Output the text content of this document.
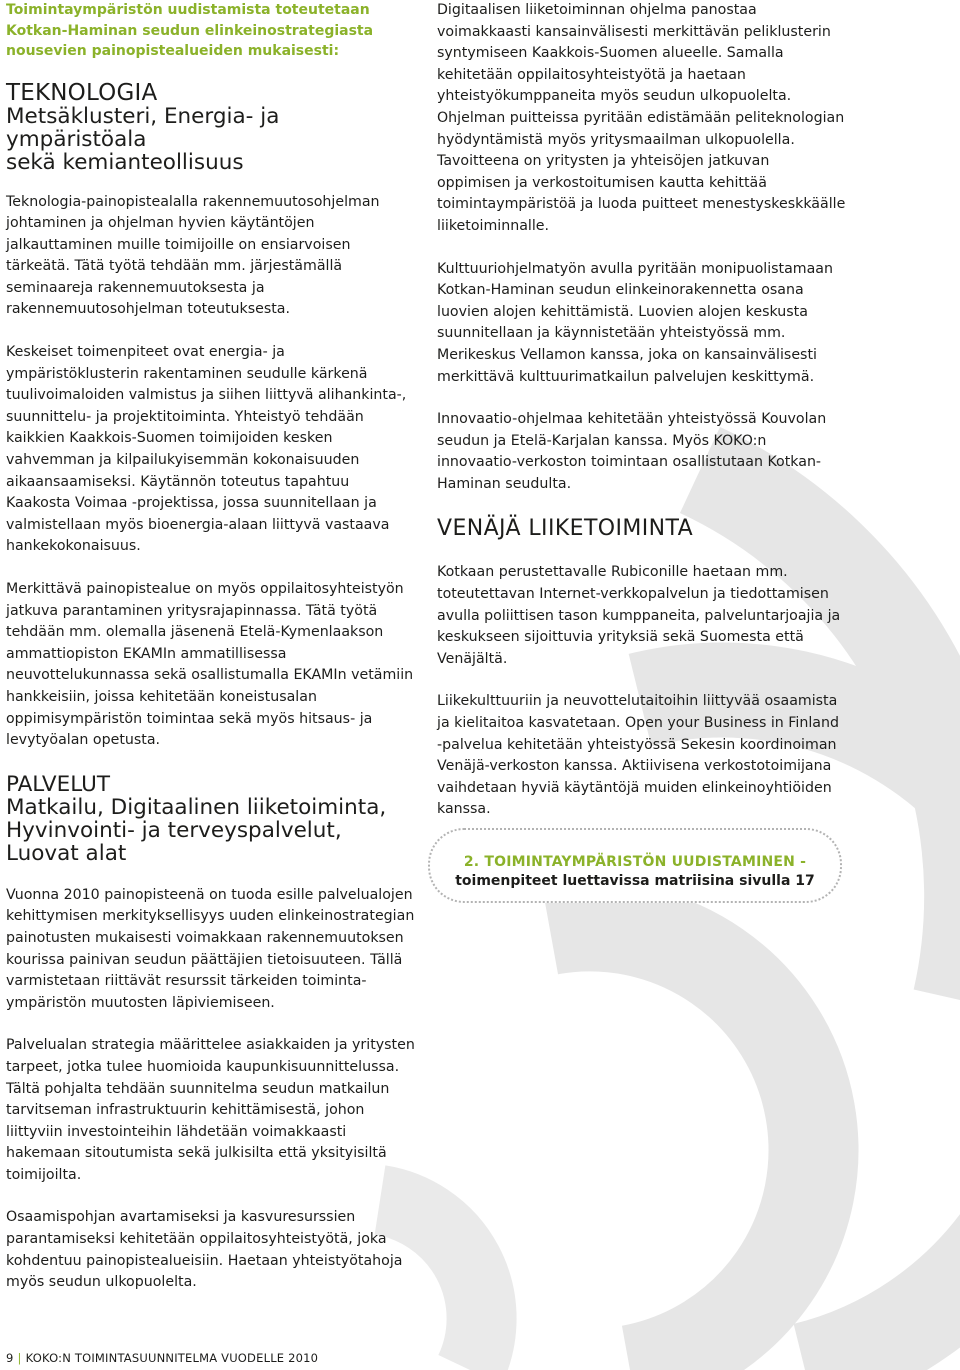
Toimintaympäristön uudistamista toteutetaan Kotkan-Haminan seudun elinkeinostrategiasta nousevien painopistealueiden mukaisesti:

TEKNOLOGIA
Metsäklusteri, Energia- ja ympäristöala
sekä kemianteollisuus

Teknologia-painopistealalla rakennemuutosohjelman johtaminen ja ohjelman hyvien käytäntöjen jalkauttaminen muille toimijoille on ensiarvoisen tärkeätä. Tätä työtä tehdään mm. järjestämällä seminaareja rakennemuutoksesta ja rakennemuutosohjelman toteutuksesta.

Keskeiset toimenpiteet ovat energia- ja ympäristöklusterin rakentaminen seudulle kärkenä tuulivoimaloiden valmistus ja siihen liittyvä alihankinta-, suunnittelu- ja projektitoiminta. Yhteistyö tehdään kaikkien Kaakkois-Suomen toimijoiden kesken vahvemman ja kilpailukyisemmän kokonaisuuden aikaansaamiseksi. Käytännön toteutus tapahtuu Kaakosta Voimaa -projektissa, jossa suunnitellaan ja valmistellaan myös bioenergia-alaan liittyvä vastaava hankekokonaisuus.

Merkittävä painopistealue on myös oppilaitosyhteistyön jatkuva parantaminen yritysrajapinnassa. Tätä työtä tehdään mm. olemalla jäsenenä Etelä-Kymenlaakson ammattiopiston EKAMIn ammatillisessa neuvottelukunnassa sekä osallistumalla EKAMIn vetämiin hankkeisiin, joissa kehitetään koneistusalan oppimisympäristön toimintaa sekä myös hitsaus- ja levytyöalan opetusta.

PALVELUT
Matkailu, Digitaalinen liiketoiminta,
Hyvinvointi- ja terveyspalvelut,
Luovat alat

Vuonna 2010 painopisteenä on tuoda esille palvelualojen kehittymisen merkityksellisyys uuden elinkeinostrategian painotusten mukaisesti voimakkaan rakennemuutoksen kourissa painivan seudun päättäjien tietoisuuteen. Tällä varmistetaan riittävät resurssit tärkeiden toiminta-ympäristön muutosten läpiviemiseen.

Palvelualan strategia määrittelee asiakkaiden ja yritysten tarpeet, jotka tulee huomioida kaupunkisuunnittelussa. Tältä pohjalta tehdään suunnitelma seudun matkailun tarvitseman infrastruktuurin kehittämisestä, johon liittyviin investointeihin lähdetään voimakkaasti hakemaan sitoutumista sekä julkisilta että yksityisiltä toimijoilta.

Osaamispohjan avartamiseksi ja kasvuresurssien parantamiseksi kehitetään oppilaitosyhteistyötä, joka kohdentuu painopistealueisiin. Haetaan yhteistyötahoja myös seudun ulkopuolelta.

Digitaalisen liiketoiminnan ohjelma panostaa voimakkaasti kansainvälisesti merkittävän peliklusterin syntymiseen Kaakkois-Suomen alueelle. Samalla kehitetään oppilaitosyhteistyötä ja haetaan yhteistyökumppaneita myös seudun ulkopuolelta. Ohjelman puitteissa pyritään edistämään peliteknologian hyödyntämistä myös yritysmaailman ulkopuolella. Tavoitteena on yritysten ja yhteisöjen jatkuvan oppimisen ja verkostoitumisen kautta kehittää toimintaympäristöä ja luoda puitteet menestyskeskkäälle liiketoiminnalle.

Kulttuuriohjelmatyön avulla pyritään monipuolistamaan Kotkan-Haminan seudun elinkeinorakennetta osana luovien alojen kehittämistä. Luovien alojen keskusta suunnitellaan ja käynnistetään yhteistyössä mm. Merikeskus Vellamon kanssa, joka on kansainvälisesti merkittävä kulttuurimatkailun palvelujen keskittymä.

Innovaatio-ohjelmaa kehitetään yhteistyössä Kouvolan seudun ja Etelä-Karjalan kanssa. Myös KOKO:n innovaatio-verkoston toimintaan osallistutaan Kotkan-Haminan seudulta.

VENÄJÄ LIIKETOIMINTA

Kotkaan perustettavalle Rubiconille haetaan mm. toteutettavan Internet-verkkopalvelun ja tiedottamisen avulla poliittisen tason kumppaneita, palveluntarjoajia ja keskukseen sijoittuvia yrityksiä sekä Suomesta että Venäjältä.

Liikekulttuuriin ja neuvottelutaitoihin liittyvää osaamista ja kielitaitoa kasvatetaan. Open your Business in Finland -palvelua kehitetään yhteistyössä Sekesin koordinoiman Venäjä-verkoston kanssa. Aktiivisena verkostotoimijana vaihdetaan hyviä käytäntöjä muiden elinkeinoyhtiöiden kanssa.

2. TOIMINTAYMPÄRISTÖN UUDISTAMINEN -
toimenpiteet luettavissa matriisina sivulla 17
9 | KOKO:N TOIMINTASUUNNITELMA VUODELLE 2010
